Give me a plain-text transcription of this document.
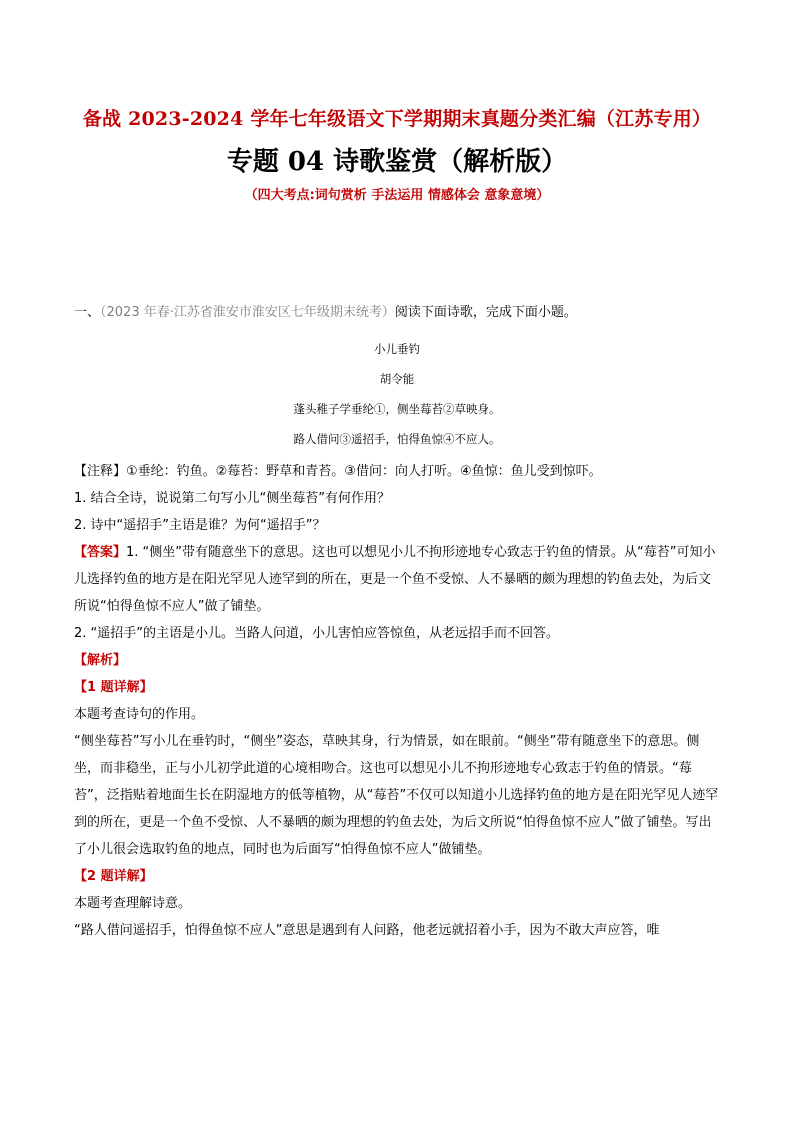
备战 2023-2024 学年七年级语文下学期期末真题分类汇编（江苏专用）
专题 04 诗歌鉴赏（解析版）
（四大考点:词句赏析 手法运用 情感体会 意象意境）

一、（2023 年春·江苏省淮安市淮安区七年级期末统考）阅读下面诗歌，完成下面小题。

小儿垂钓
胡令能
蓬头稚子学垂纶①，侧坐莓苔②草映身。
路人借问③遥招手，怕得鱼惊④不应人。

【注释】①垂纶：钓鱼。②莓苔：野草和青苔。③借问：向人打听。④鱼惊：鱼儿受到惊吓。

1. 结合全诗，说说第二句写小儿“侧坐莓苔”有何作用？

2. 诗中“遥招手”主语是谁？为何“遥招手”？

【答案】1. “侧坐”带有随意坐下的意思。这也可以想见小儿不拘形迹地专心致志于钓鱼的情景。从“莓苔”可知小儿选择钓鱼的地方是在阳光罕见人迹罕到的所在，更是一个鱼不受惊、人不暴晒的颇为理想的钓鱼去处，为后文所说“怕得鱼惊不应人”做了铺垫。

2. “遥招手”的主语是小儿。当路人问道，小儿害怕应答惊鱼，从老远招手而不回答。

【解析】

【1 题详解】

本题考查诗句的作用。

“侧坐莓苔”写小儿在垂钓时，“侧坐”姿态，草映其身，行为情景，如在眼前。“侧坐”带有随意坐下的意思。侧坐，而非稳坐，正与小儿初学此道的心境相吻合。这也可以想见小儿不拘形迹地专心致志于钓鱼的情景。“莓苔”，泛指贴着地面生长在阴湿地方的低等植物，从“莓苔”不仅可以知道小儿选择钓鱼的地方是在阳光罕见人迹罕到的所在，更是一个鱼不受惊、人不暴晒的颇为理想的钓鱼去处，为后文所说“怕得鱼惊不应人”做了铺垫。写出了小儿很会选取钓鱼的地点，同时也为后面写“怕得鱼惊不应人”做铺垫。

【2 题详解】

本题考查理解诗意。

“路人借问遥招手，怕得鱼惊不应人”意思是遇到有人问路，他老远就招着小手，因为不敢大声应答，唯
